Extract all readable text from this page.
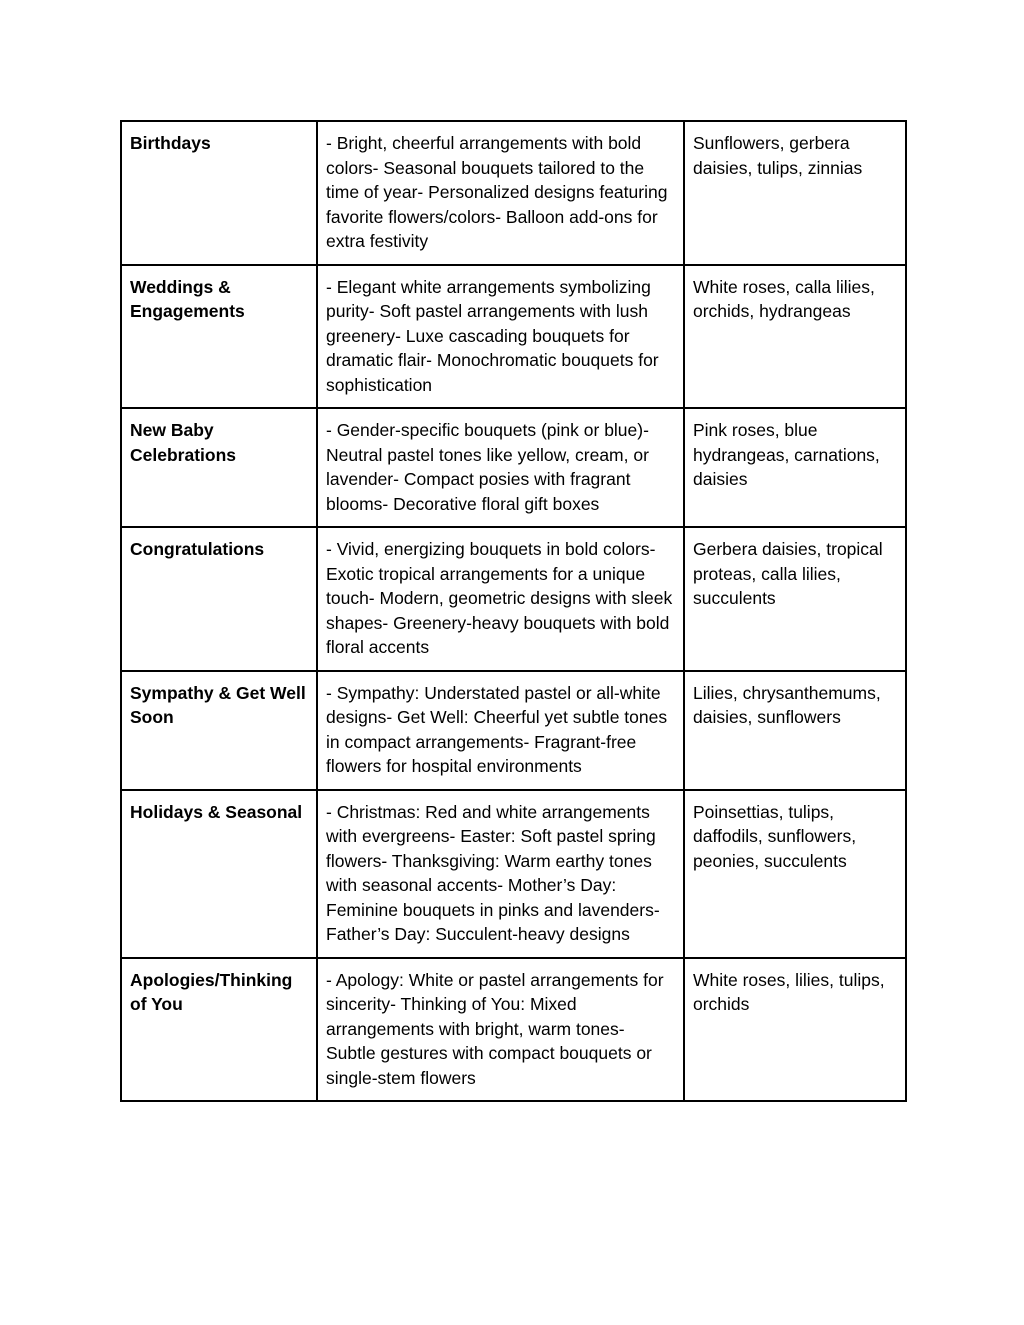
Birthdays	- Bright, cheerful arrangements with bold colors- Seasonal bouquets tailored to the time of year- Personalized designs featuring favorite flowers/colors- Balloon add-ons for extra festivity	Sunflowers, gerbera daisies, tulips, zinnias
Weddings & Engagements	- Elegant white arrangements symbolizing purity- Soft pastel arrangements with lush greenery- Luxe cascading bouquets for dramatic flair- Monochromatic bouquets for sophistication	White roses, calla lilies, orchids, hydrangeas
New Baby Celebrations	- Gender-specific bouquets (pink or blue)- Neutral pastel tones like yellow, cream, or lavender- Compact posies with fragrant blooms- Decorative floral gift boxes	Pink roses, blue hydrangeas, carnations, daisies
Congratulations	- Vivid, energizing bouquets in bold colors- Exotic tropical arrangements for a unique touch- Modern, geometric designs with sleek shapes- Greenery-heavy bouquets with bold floral accents	Gerbera daisies, tropical proteas, calla lilies, succulents
Sympathy & Get Well Soon	- Sympathy: Understated pastel or all-white designs- Get Well: Cheerful yet subtle tones in compact arrangements- Fragrant-free flowers for hospital environments	Lilies, chrysanthemums, daisies, sunflowers
Holidays & Seasonal	- Christmas: Red and white arrangements with evergreens- Easter: Soft pastel spring flowers- Thanksgiving: Warm earthy tones with seasonal accents- Mother’s Day: Feminine bouquets in pinks and lavenders- Father’s Day: Succulent-heavy designs	Poinsettias, tulips, daffodils, sunflowers, peonies, succulents
Apologies/Thinking of You	- Apology: White or pastel arrangements for sincerity- Thinking of You: Mixed arrangements with bright, warm tones- Subtle gestures with compact bouquets or single-stem flowers	White roses, lilies, tulips, orchids
